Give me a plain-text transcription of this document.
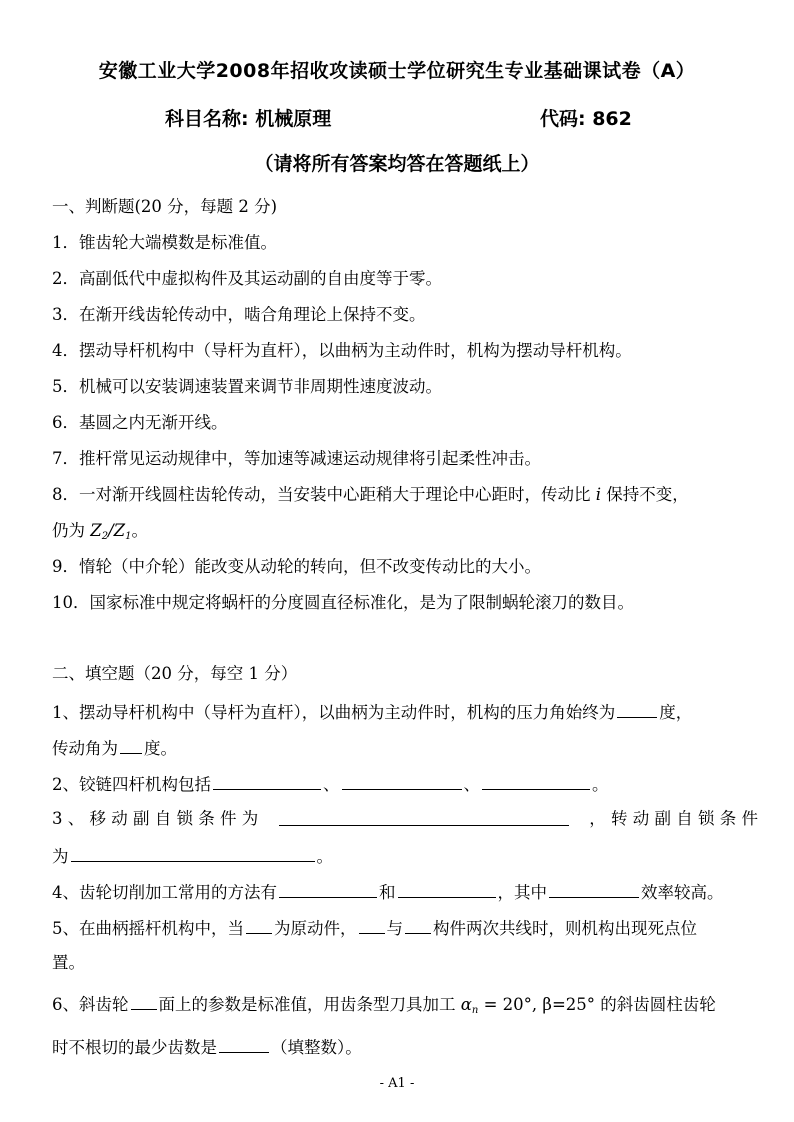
安徽工业大学2008年招收攻读硕士学位研究生专业基础课试卷（A）
科目名称: 机械原理	代码: 862
（请将所有答案均答在答题纸上）
一、判断题(20 分，每题 2 分)
1．锥齿轮大端模数是标准值。
2．高副低代中虚拟构件及其运动副的自由度等于零。
3．在渐开线齿轮传动中，啮合角理论上保持不变。
4．摆动导杆机构中（导杆为直杆），以曲柄为主动件时，机构为摆动导杆机构。
5．机械可以安装调速装置来调节非周期性速度波动。
6．基圆之内无渐开线。
7．推杆常见运动规律中，等加速等减速运动规律将引起柔性冲击。
8．一对渐开线圆柱齿轮传动，当安装中心距稍大于理论中心距时，传动比 i 保持不变，
仍为 $Z_2/Z_1$。
9．惰轮（中介轮）能改变从动轮的转向，但不改变传动比的大小。
10．国家标准中规定将蜗杆的分度圆直径标准化，是为了限制蜗轮滚刀的数目。
二、填空题（20 分，每空 1 分）
1、摆动导杆机构中（导杆为直杆），以曲柄为主动件时，机构的压力角始终为	度，
传动角为 度。
2、铰链四杆机构包括	、	、	。
3 、 移 动 副 自 锁 条 件 为	， 转 动 副 自 锁 条 件
为	。
4、齿轮切削加工常用的方法有	和	，其中	效率较高。
5、在曲柄摇杆机构中，当 为原动件， 与 构件两次共线时，则机构出现死点位
置。
6、斜齿轮 面上的参数是标准值，用齿条型刀具加工 $\alpha_n = 20^\circ$, β=25° 的斜齿圆柱齿轮
时不根切的最少齿数是	（填整数）。
- A1 -
